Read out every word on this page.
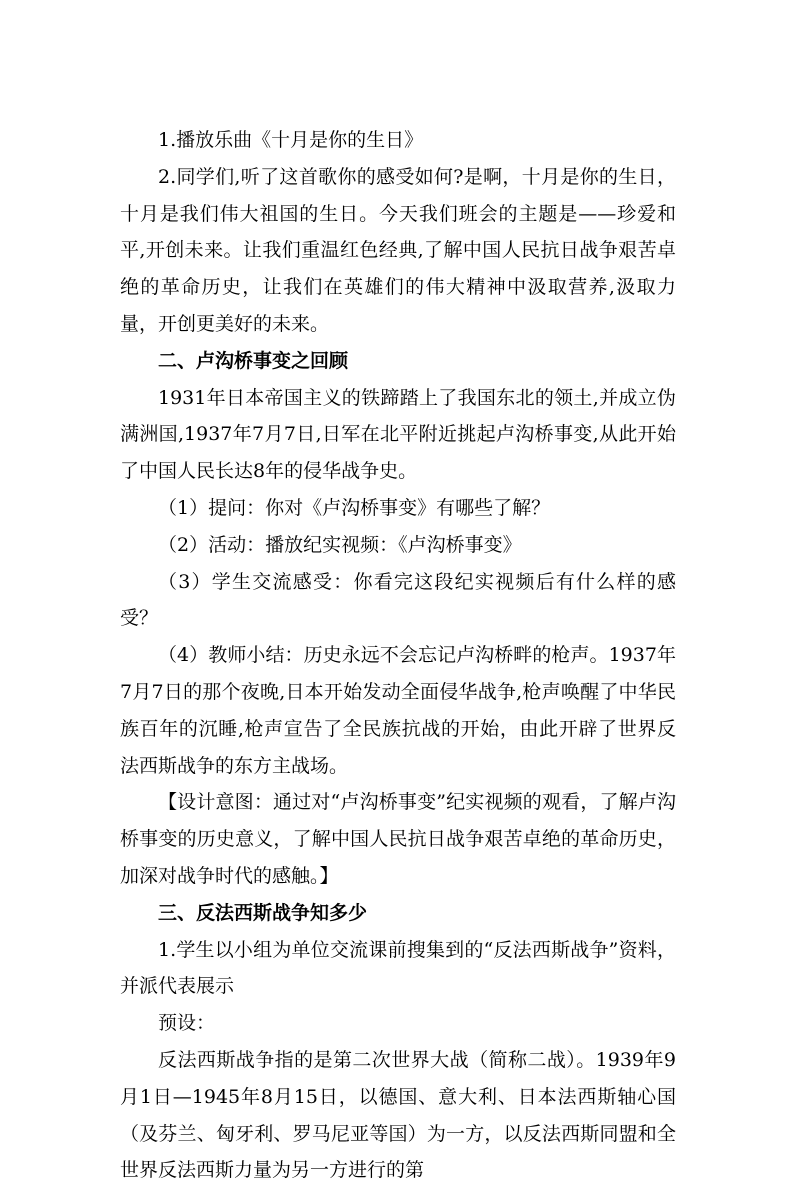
1.播放乐曲《十月是你的生日》

2.同学们,听了这首歌你的感受如何?是啊，十月是你的生日，十月是我们伟大祖国的生日。今天我们班会的主题是——珍爱和平,开创未来。让我们重温红色经典,了解中国人民抗日战争艰苦卓绝的革命历史，让我们在英雄们的伟大精神中汲取营养,汲取力量，开创更美好的未来。

二、卢沟桥事变之回顾

1931年日本帝国主义的铁蹄踏上了我国东北的领土,并成立伪满洲国,1937年7月7日,日军在北平附近挑起卢沟桥事变,从此开始了中国人民长达8年的侵华战争史。

（1）提问：你对《卢沟桥事变》有哪些了解？

（2）活动：播放纪实视频：《卢沟桥事变》

（3）学生交流感受：你看完这段纪实视频后有什么样的感受？

（4）教师小结：历史永远不会忘记卢沟桥畔的枪声。1937年7月7日的那个夜晚,日本开始发动全面侵华战争,枪声唤醒了中华民族百年的沉睡,枪声宣告了全民族抗战的开始，由此开辟了世界反法西斯战争的东方主战场。

【设计意图：通过对“卢沟桥事变”纪实视频的观看，了解卢沟桥事变的历史意义，了解中国人民抗日战争艰苦卓绝的革命历史，加深对战争时代的感触。】

三、反法西斯战争知多少

1.学生以小组为单位交流课前搜集到的“反法西斯战争”资料，并派代表展示

预设：

反法西斯战争指的是第二次世界大战（简称二战）。1939年9月1日—1945年8月15日，以德国、意大利、日本法西斯轴心国（及芬兰、匈牙利、罗马尼亚等国）为一方，以反法西斯同盟和全世界反法西斯力量为另一方进行的第
